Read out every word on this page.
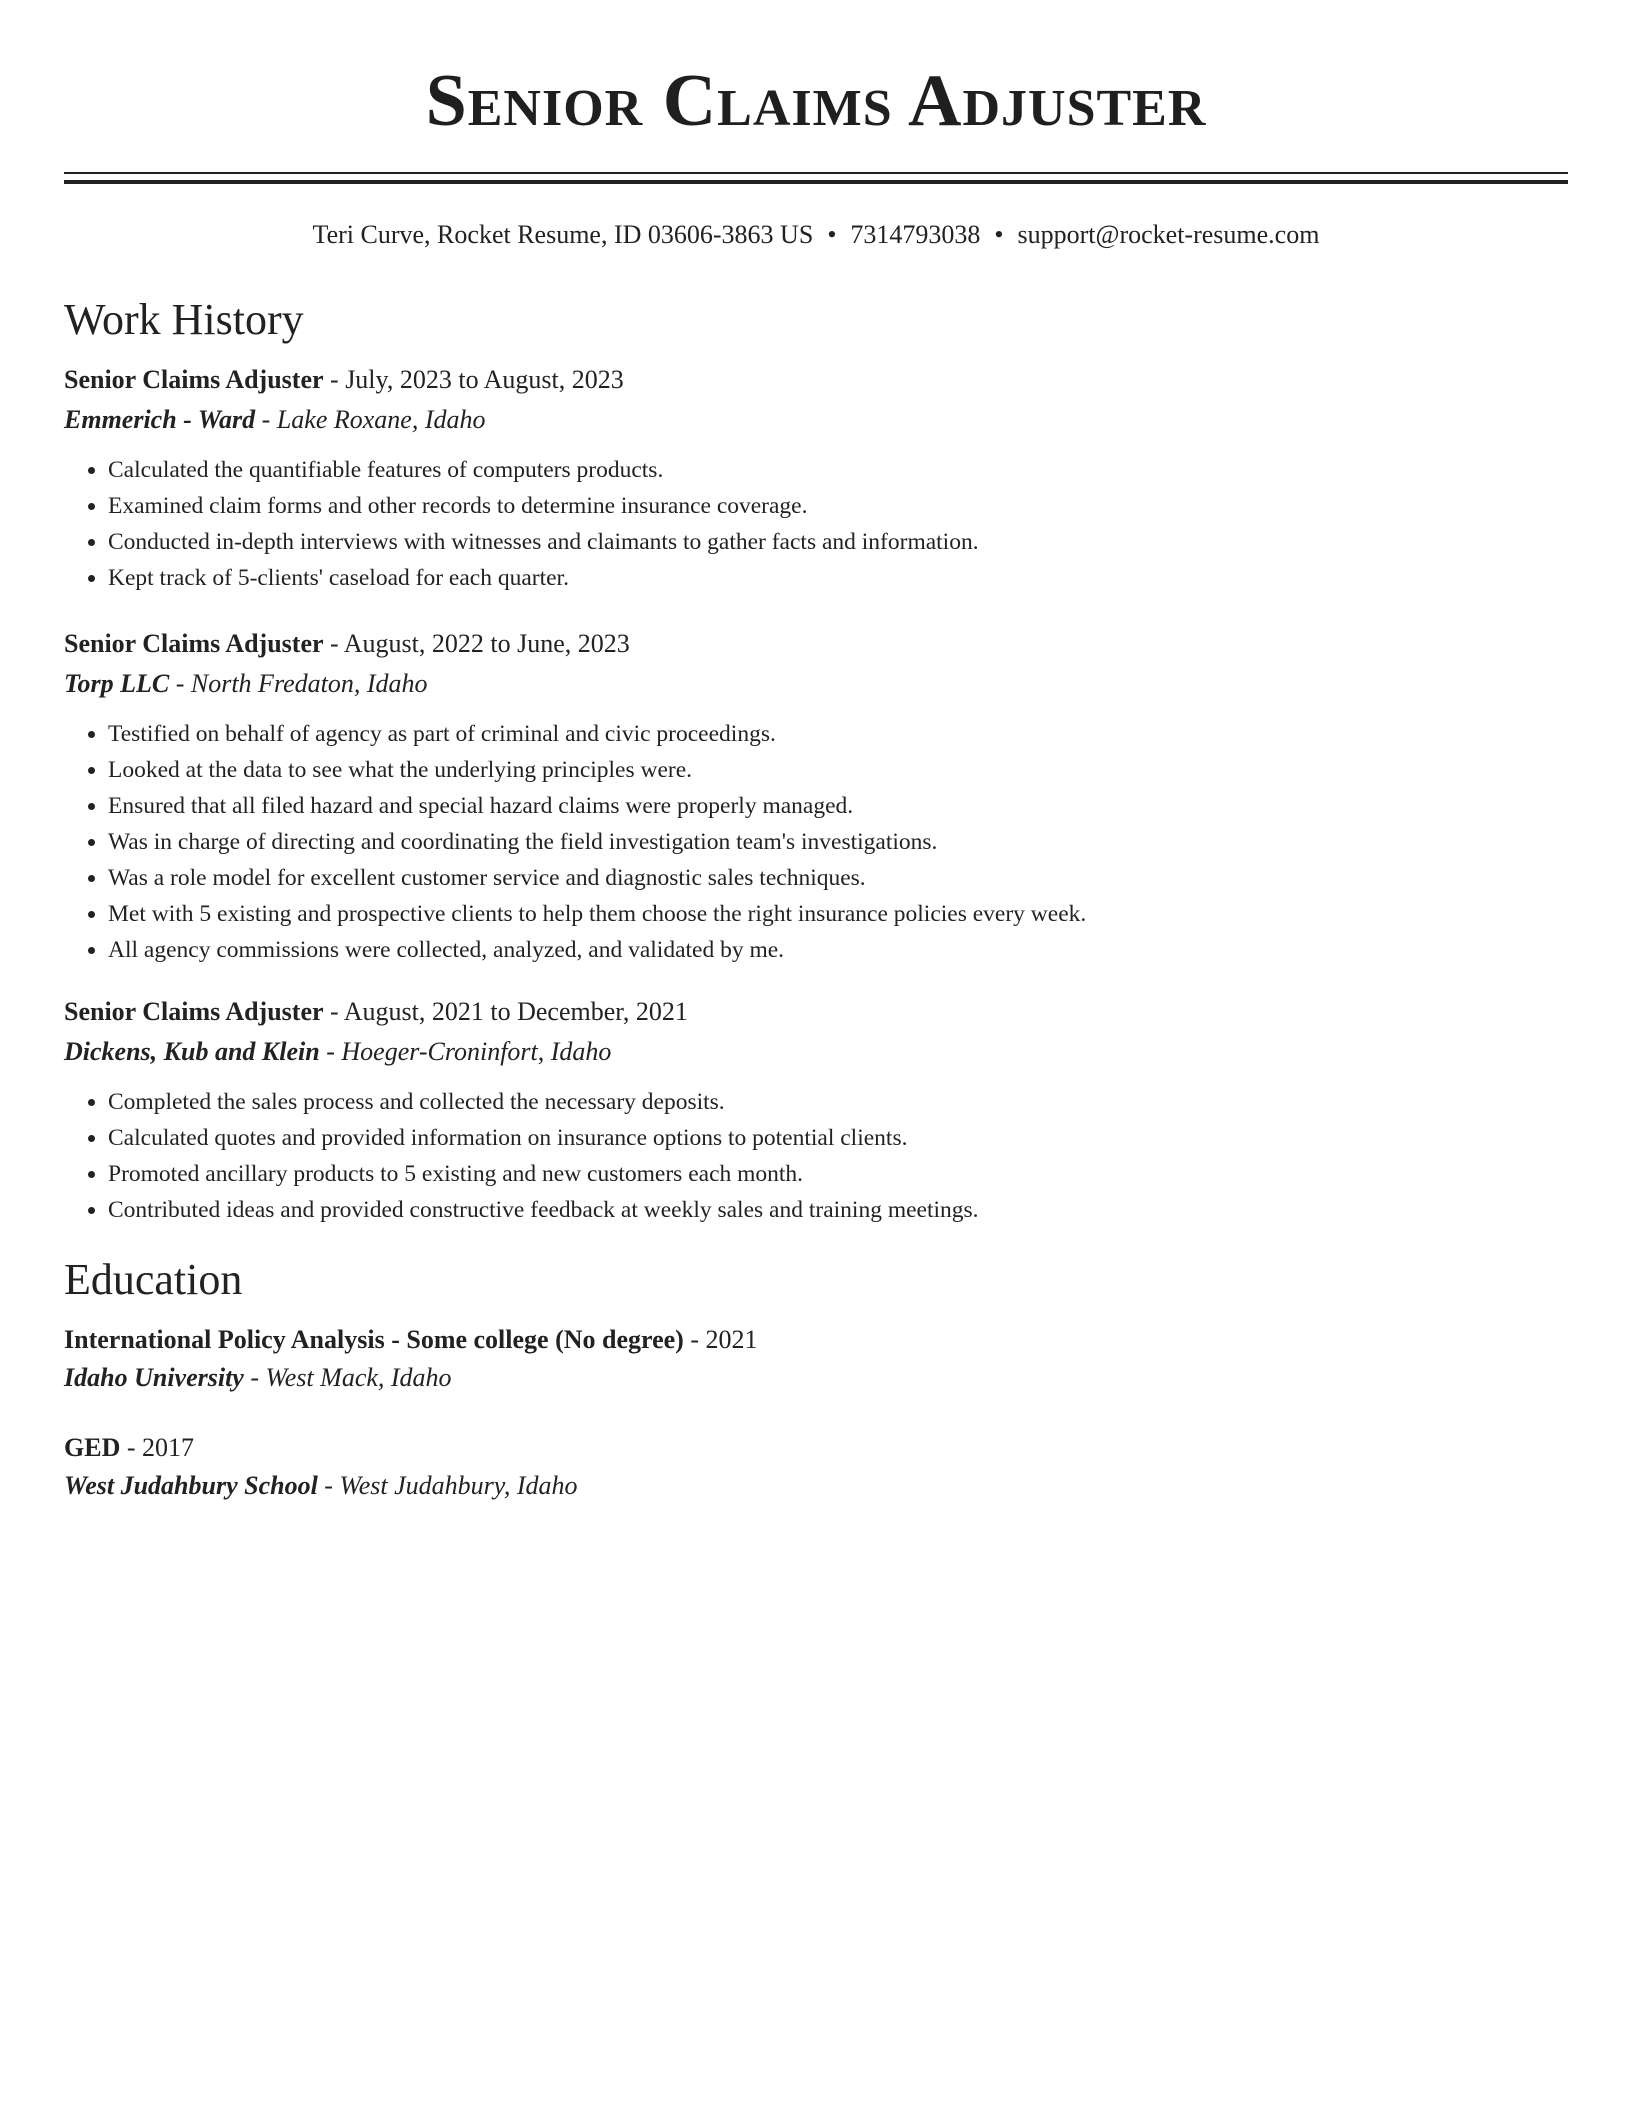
Senior Claims Adjuster
Teri Curve, Rocket Resume, ID 03606-3863 US • 7314793038 • support@rocket-resume.com
Work History
Senior Claims Adjuster - July, 2023 to August, 2023
Emmerich - Ward - Lake Roxane, Idaho
• Calculated the quantifiable features of computers products.
• Examined claim forms and other records to determine insurance coverage.
• Conducted in-depth interviews with witnesses and claimants to gather facts and information.
• Kept track of 5-clients' caseload for each quarter.
Senior Claims Adjuster - August, 2022 to June, 2023
Torp LLC - North Fredaton, Idaho
• Testified on behalf of agency as part of criminal and civic proceedings.
• Looked at the data to see what the underlying principles were.
• Ensured that all filed hazard and special hazard claims were properly managed.
• Was in charge of directing and coordinating the field investigation team's investigations.
• Was a role model for excellent customer service and diagnostic sales techniques.
• Met with 5 existing and prospective clients to help them choose the right insurance policies every week.
• All agency commissions were collected, analyzed, and validated by me.
Senior Claims Adjuster - August, 2021 to December, 2021
Dickens, Kub and Klein - Hoeger-Croninfort, Idaho
• Completed the sales process and collected the necessary deposits.
• Calculated quotes and provided information on insurance options to potential clients.
• Promoted ancillary products to 5 existing and new customers each month.
• Contributed ideas and provided constructive feedback at weekly sales and training meetings.
Education
International Policy Analysis - Some college (No degree) - 2021
Idaho University - West Mack, Idaho
GED - 2017
West Judahbury School - West Judahbury, Idaho
